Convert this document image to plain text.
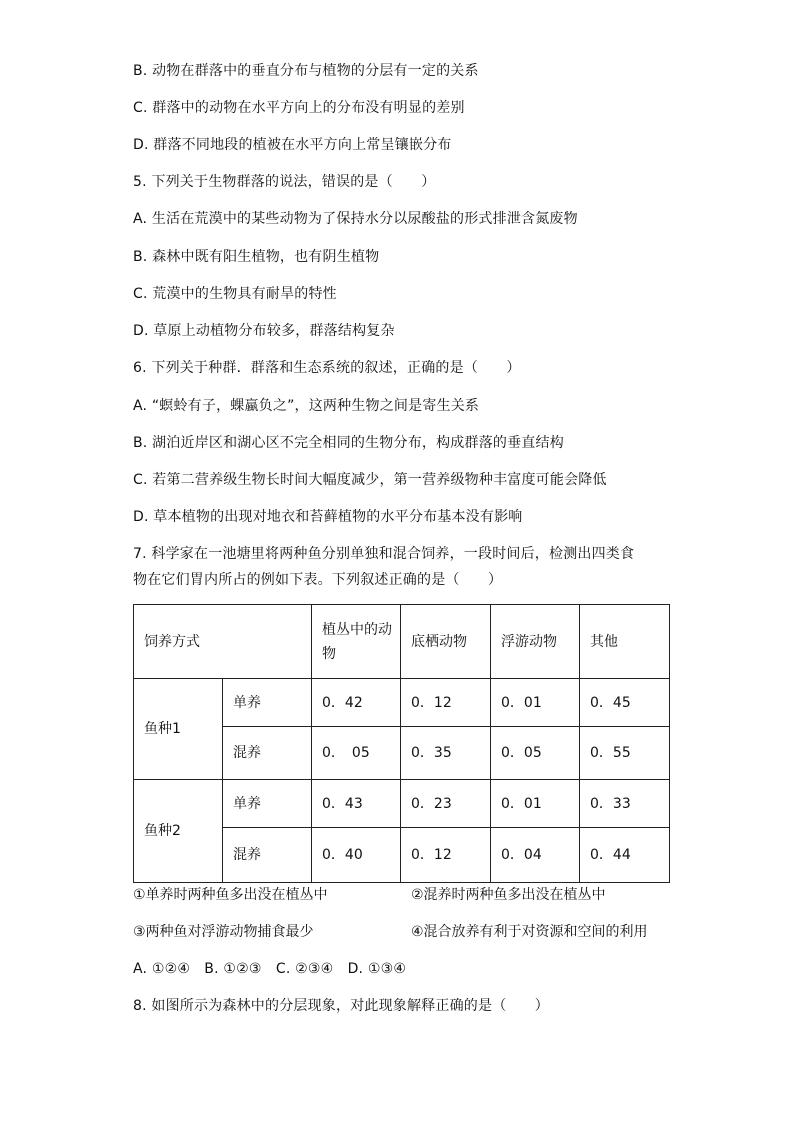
B. 动物在群落中的垂直分布与植物的分层有一定的关系
C. 群落中的动物在水平方向上的分布没有明显的差别
D. 群落不同地段的植被在水平方向上常呈镶嵌分布
5. 下列关于生物群落的说法，错误的是（　　）
A. 生活在荒漠中的某些动物为了保持水分以尿酸盐的形式排泄含氮废物
B. 森林中既有阳生植物，也有阴生植物
C. 荒漠中的生物具有耐旱的特性
D. 草原上动植物分布较多，群落结构复杂
6. 下列关于种群．群落和生态系统的叙述，正确的是（　　）
A. “螟蛉有子，蜾蠃负之”，这两种生物之间是寄生关系
B. 湖泊近岸区和湖心区不完全相同的生物分布，构成群落的垂直结构
C. 若第二营养级生物长时间大幅度减少，第一营养级物种丰富度可能会降低
D. 草本植物的出现对地衣和苔藓植物的水平分布基本没有影响
7. 科学家在一池塘里将两种鱼分别单独和混合饲养，一段时间后，检测出四类食
物在它们胃内所占的例如下表。下列叙述正确的是（　　）
饲养方式		植丛中的动
物	底栖动物	浮游动物	其他
鱼种1	单养	0．42	0．12	0．01	0．45
	混养	0．　05	0．35	0．05	0．55
鱼种2	单养	0．43	0．23	0．01	0．33
	混养	0．40	0．12	0．04	0．44
①单养时两种鱼多出没在植丛中	②混养时两种鱼多出没在植丛中
③两种鱼对浮游动物捕食最少	④混合放养有利于对资源和空间的利用
A. ①②④　B. ①②③　C. ②③④　D. ①③④
8. 如图所示为森林中的分层现象，对此现象解释正确的是（　　）
